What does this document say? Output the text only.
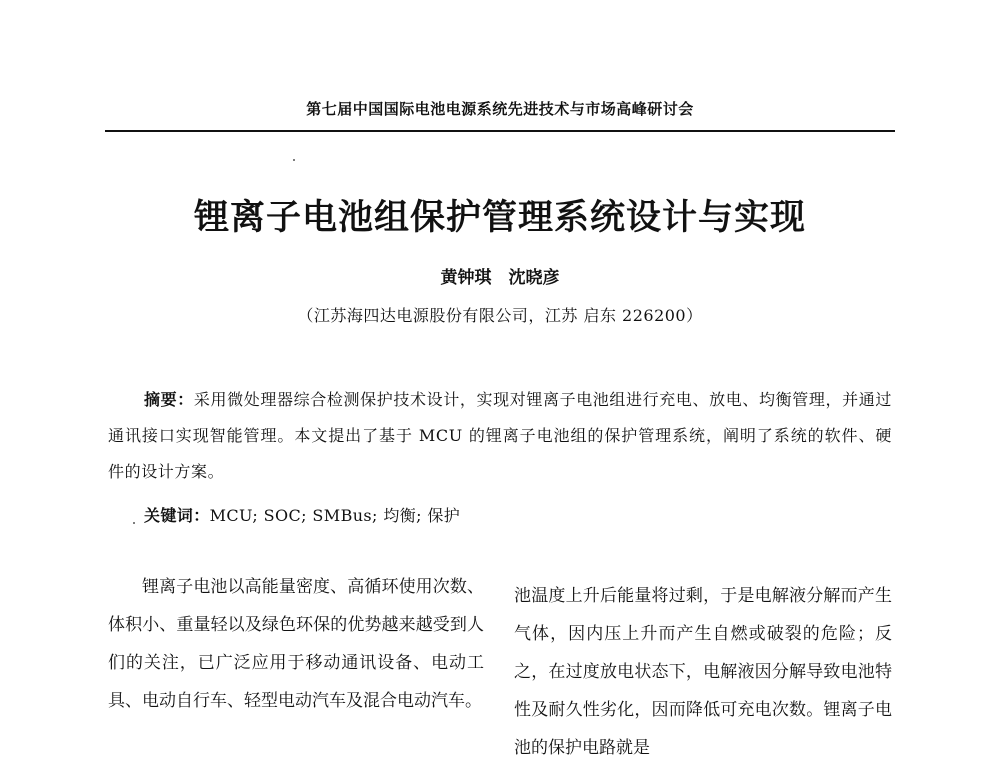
第七届中国国际电池电源系统先进技术与市场高峰研讨会
锂离子电池组保护管理系统设计与实现
黄钟琪　沈晓彦
（江苏海四达电源股份有限公司，江苏 启东 226200）
摘要：采用微处理器综合检测保护技术设计，实现对锂离子电池组进行充电、放电、均衡管理，并通过通讯接口实现智能管理。本文提出了基于 MCU 的锂离子电池组的保护管理系统，阐明了系统的软件、硬件的设计方案。
关键词：MCU; SOC; SMBus; 均衡; 保护
锂离子电池以高能量密度、高循环使用次数、体积小、重量轻以及绿色环保的优势越来越受到人们的关注，已广泛应用于移动通讯设备、电动工具、电动自行车、轻型电动汽车及混合电动汽车。
池温度上升后能量将过剩，于是电解液分解而产生气体，因内压上升而产生自燃或破裂的危险；反之，在过度放电状态下，电解液因分解导致电池特性及耐久性劣化，因而降低可充电次数。锂离子电池的保护电路就是
